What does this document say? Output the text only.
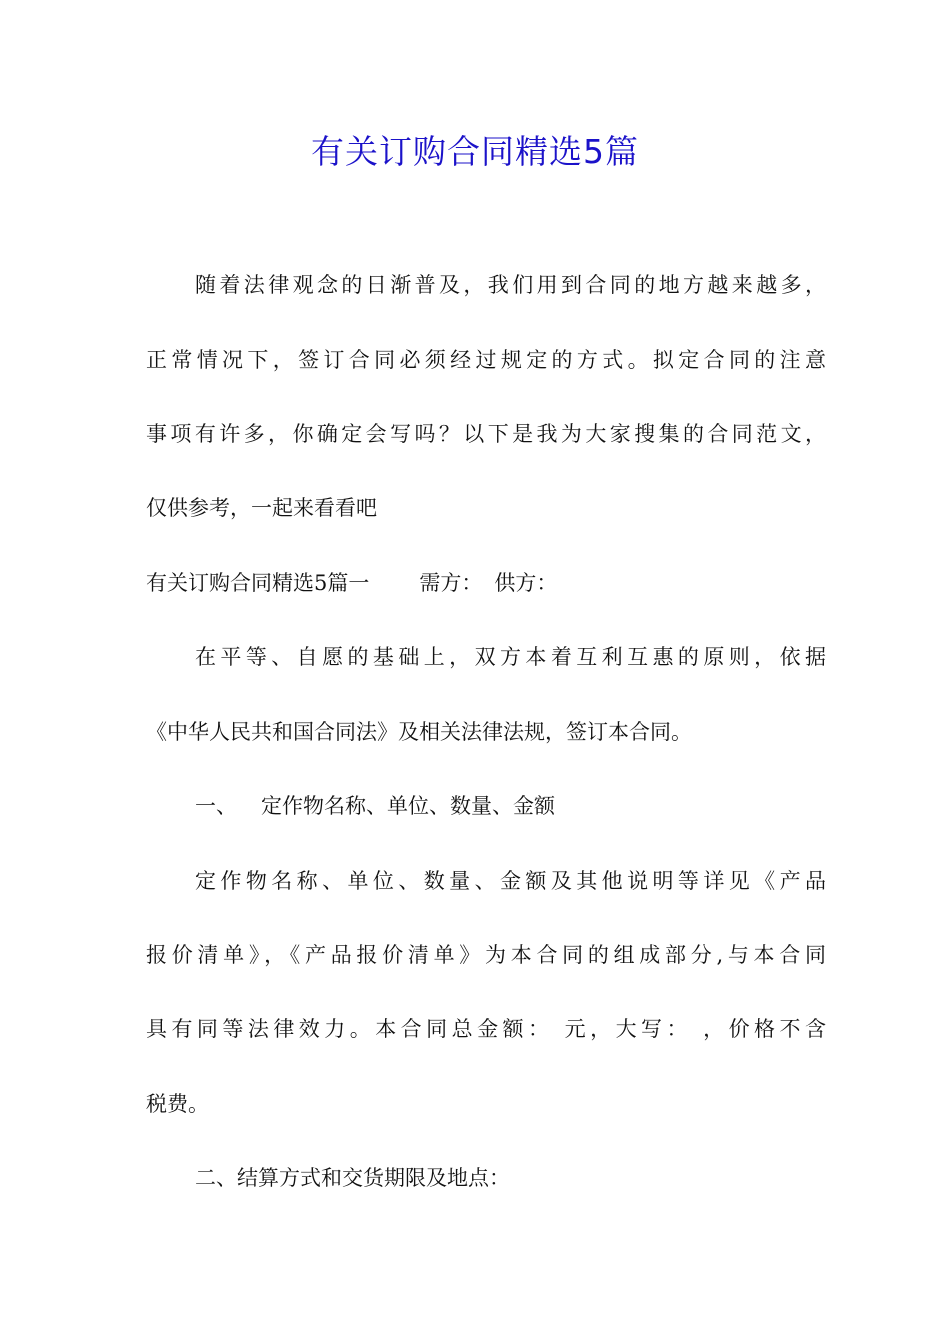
有关订购合同精选5篇
随着法律观念的日渐普及，我们用到合同的地方越来越多，
正常情况下，签订合同必须经过规定的方式。拟定合同的注意
事项有许多，你确定会写吗？以下是我为大家搜集的合同范文，
仅供参考，一起来看看吧
有关订购合同精选5篇一 需方： 供方：
在平等、自愿的基础上，双方本着互利互惠的原则，依据
《中华人民共和国合同法》及相关法律法规，签订本合同。
一、 定作物名称、单位、数量、金额
定作物名称、单位、数量、金额及其他说明等详见《产品
报价清单》，《产品报价清单》为本合同的组成部分,与本合同
具有同等法律效力。本合同总金额： 元，大写： ，价格不含
税费。
二、结算方式和交货期限及地点：
